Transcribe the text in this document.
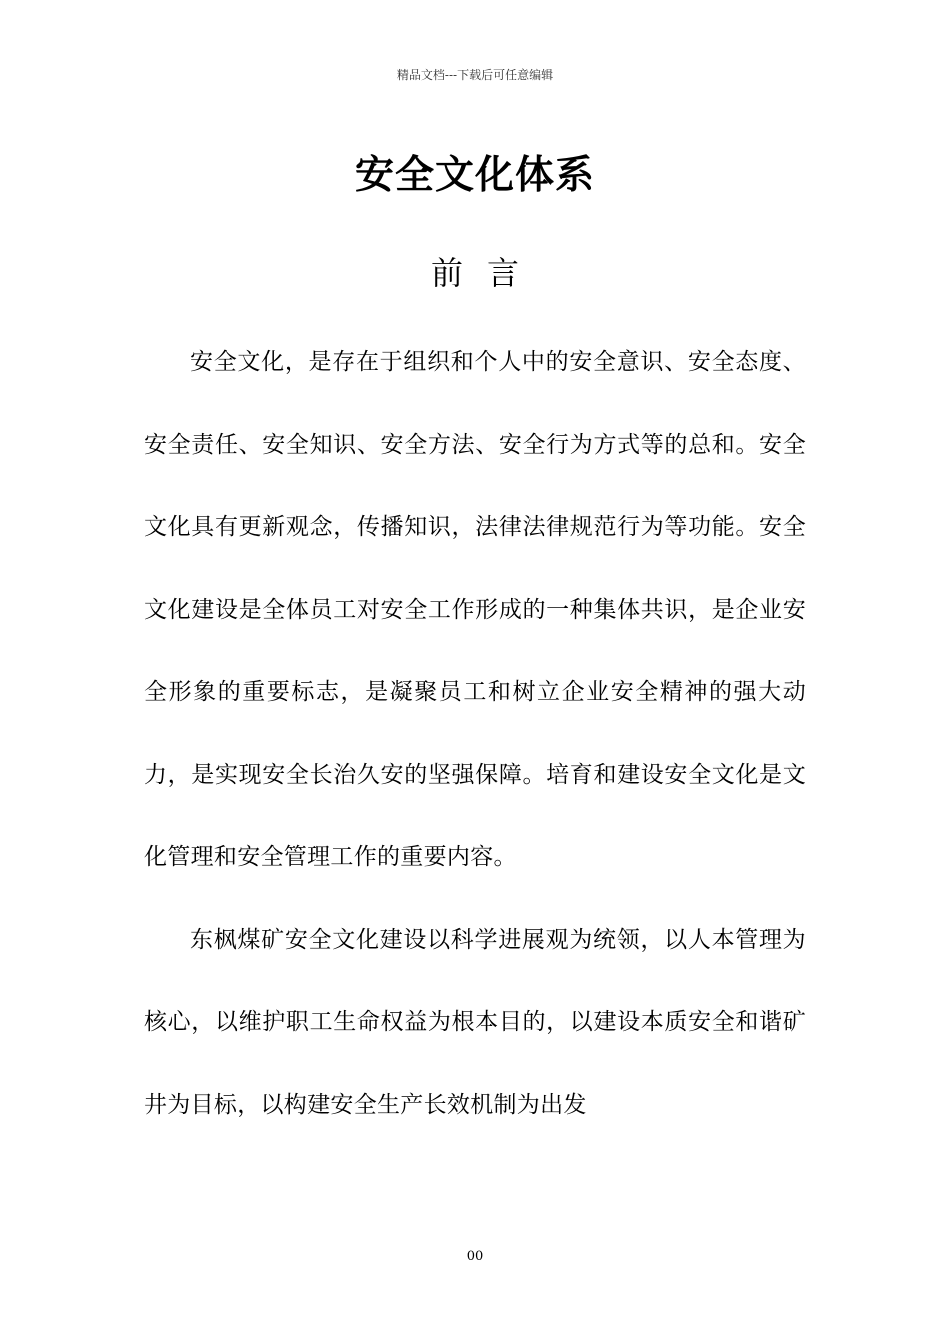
精品文档---下载后可任意编辑
安全文化体系
前 言

安全文化，是存在于组织和个人中的安全意识、安全态度、安全责任、安全知识、安全方法、安全行为方式等的总和。安全文化具有更新观念，传播知识，法律法律规范行为等功能。安全文化建设是全体员工对安全工作形成的一种集体共识，是企业安全形象的重要标志，是凝聚员工和树立企业安全精神的强大动力，是实现安全长治久安的坚强保障。培育和建设安全文化是文化管理和安全管理工作的重要内容。

东枫煤矿安全文化建设以科学进展观为统领，以人本管理为核心，以维护职工生命权益为根本目的，以建设本质安全和谐矿井为目标，以构建安全生产长效机制为出发

00
